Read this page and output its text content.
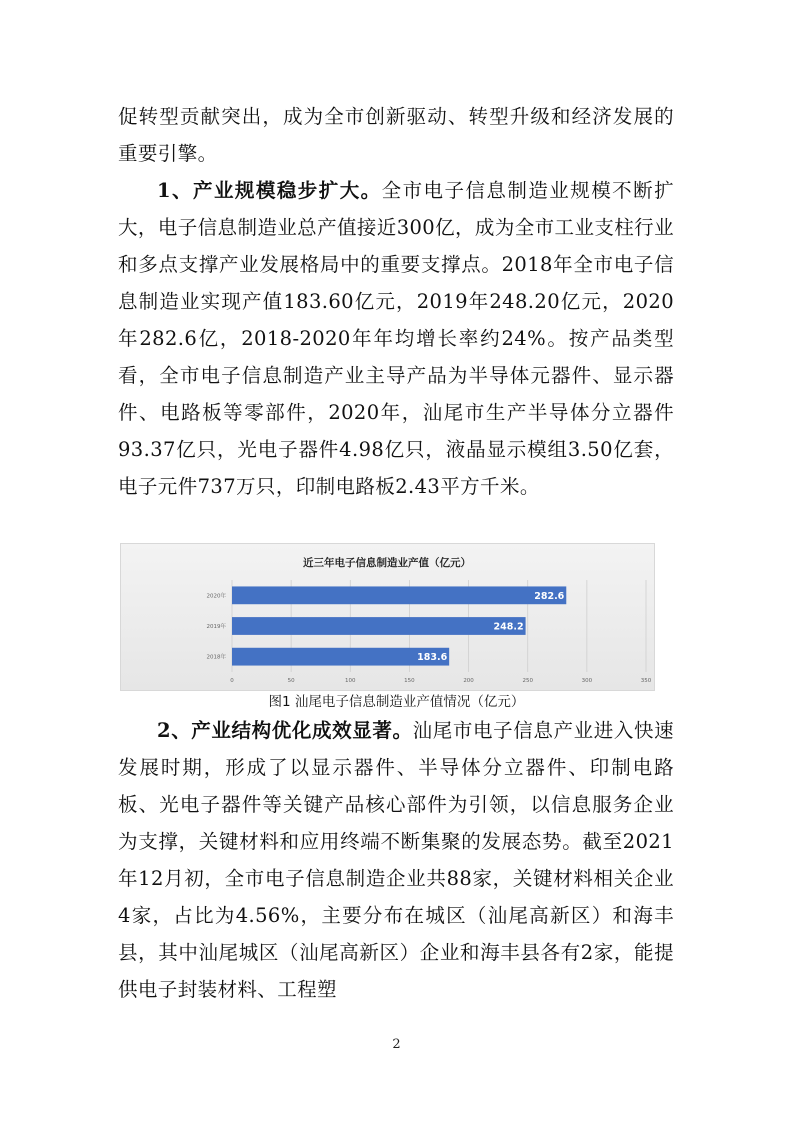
促转型贡献突出，成为全市创新驱动、转型升级和经济发展的重要引擎。

1、产业规模稳步扩大。全市电子信息制造业规模不断扩大，电子信息制造业总产值接近300亿，成为全市工业支柱行业和多点支撑产业发展格局中的重要支撑点。2018年全市电子信息制造业实现产值183.60亿元，2019年248.20亿元，2020年282.6亿，2018-2020年年均增长率约24%。按产品类型看，全市电子信息制造产业主导产品为半导体元器件、显示器件、电路板等零部件，2020年，汕尾市生产半导体分立器件93.37亿只，光电子器件4.98亿只，液晶显示模组3.50亿套，电子元件737万只，印制电路板2.43平方千米。

近三年电子信息制造业产值（亿元）
0	50	100	150	200	250	300	350
2020年	282.6
2019年	248.2
2018年	183.6
图1 汕尾电子信息制造业产值情况（亿元）

2、产业结构优化成效显著。汕尾市电子信息产业进入快速发展时期，形成了以显示器件、半导体分立器件、印制电路板、光电子器件等关键产品核心部件为引领，以信息服务企业为支撑，关键材料和应用终端不断集聚的发展态势。截至2021年12月初，全市电子信息制造企业共88家，关键材料相关企业4家，占比为4.56%，主要分布在城区（汕尾高新区）和海丰县，其中汕尾城区（汕尾高新区）企业和海丰县各有2家，能提供电子封装材料、工程塑

2
